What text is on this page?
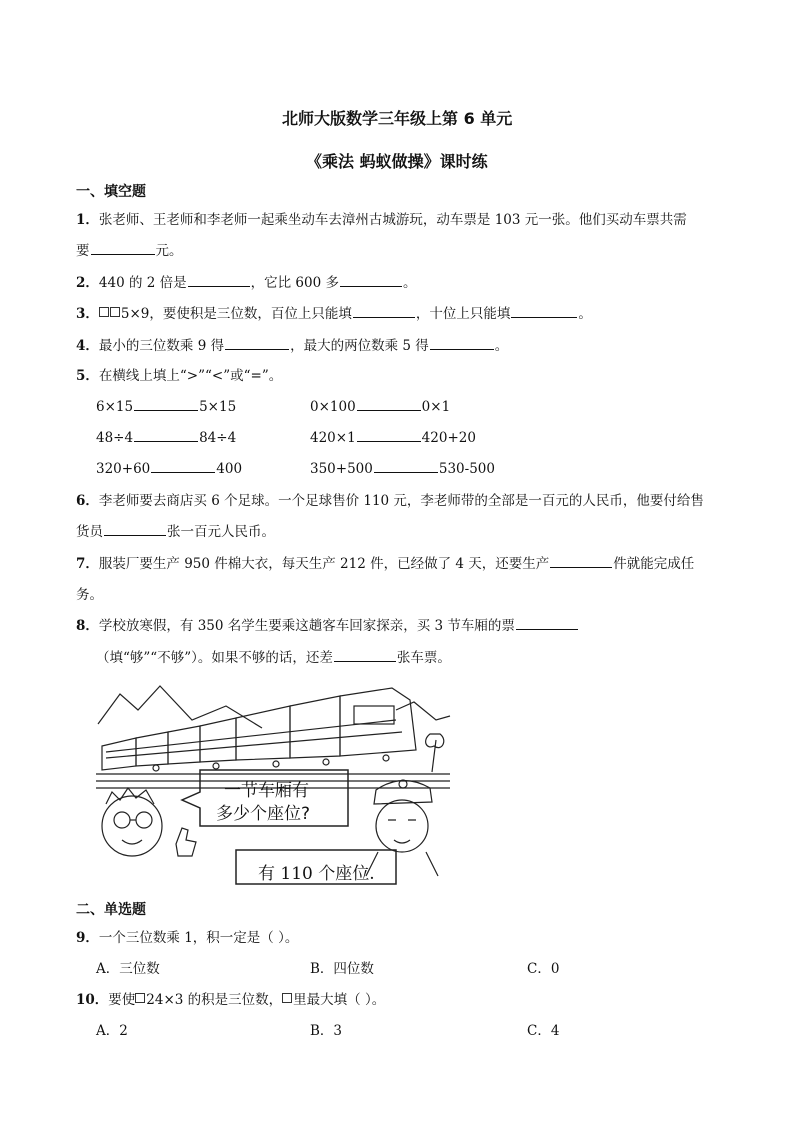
北师大版数学三年级上第 6 单元
《乘法 蚂蚁做操》课时练
一、填空题
1．张老师、王老师和李老师一起乘坐动车去漳州古城游玩，动车票是 103 元一张。他们买动车票共需
要	元。
2．440 的 2 倍是	，它比 600 多	。
3． 5×9，要使积是三位数，百位上只能填	，十位上只能填	。
4．最小的三位数乘 9 得	，最大的两位数乘 5 得	。
5．在横线上填上“>”“<”或“=”。
6×15	5×15	0×100	0×1
48÷4	84÷4	420×1	420+20
320+60	400	350+500	530-500
6．李老师要去商店买 6 个足球。一个足球售价 110 元，李老师带的全部是一百元的人民币，他要付给售
货员	张一百元人民币。
7．服装厂要生产 950 件棉大衣，每天生产 212 件，已经做了 4 天，还要生产	件就能完成任
务。
8．学校放寒假，有 350 名学生要乘这趟客车回家探亲，买 3 节车厢的票
（填“够”“不够”）。如果不够的话，还差	张车票。
一节车厢有
多少个座位?
有 110 个座位.
二、单选题
9．一个三位数乘 1，积一定是（ ）。
A．三位数	B．四位数	C．0
10．要使 24×3 的积是三位数， 里最大填（ ）。
A．2	B．3	C．4
